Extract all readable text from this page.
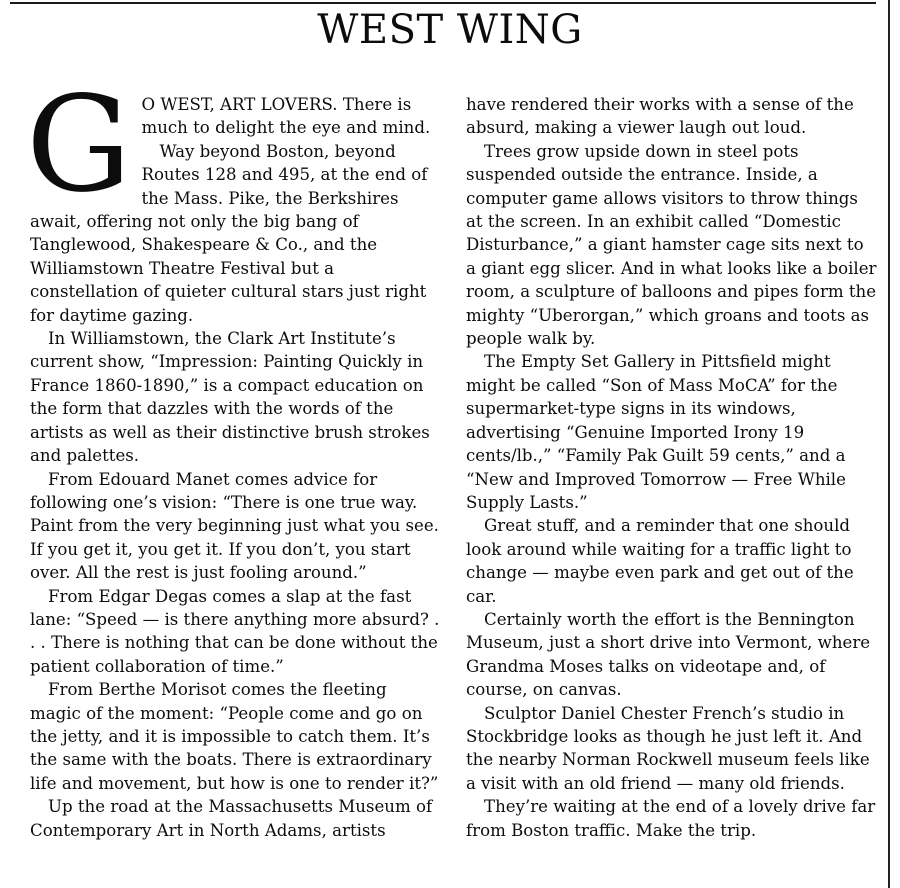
WEST WING

G O WEST, ART LOVERS. There is much to delight the eye and mind.

Way beyond Boston, beyond Routes 128 and 495, at the end of the Mass. Pike, the Berkshires await, offering not only the big bang of Tanglewood, Shakespeare & Co., and the Williamstown Theatre Festival but a constellation of quieter cultural stars just right for daytime gazing.

In Williamstown, the Clark Art Institute’s current show, “Impression: Painting Quickly in France 1860-1890,” is a compact education on the form that dazzles with the words of the artists as well as their distinctive brush strokes and palettes.

From Edouard Manet comes advice for following one’s vision: “There is one true way. Paint from the very beginning just what you see. If you get it, you get it. If you don’t, you start over. All the rest is just fooling around.”

From Edgar Degas comes a slap at the fast lane: “Speed — is there anything more absurd? . . . There is nothing that can be done without the patient collaboration of time.”

From Berthe Morisot comes the fleeting magic of the moment: “People come and go on the jetty, and it is impossible to catch them. It’s the same with the boats. There is extraordinary life and movement, but how is one to render it?”

Up the road at the Massachusetts Museum of Contemporary Art in North Adams, artists

have rendered their works with a sense of the absurd, making a viewer laugh out loud.

Trees grow upside down in steel pots suspended outside the entrance. Inside, a computer game allows visitors to throw things at the screen. In an exhibit called “Domestic Disturbance,” a giant hamster cage sits next to a giant egg slicer. And in what looks like a boiler room, a sculpture of balloons and pipes form the mighty “Uberorgan,” which groans and toots as people walk by.

The Empty Set Gallery in Pittsfield might might be called “Son of Mass MoCA” for the supermarket-type signs in its windows, advertising “Genuine Imported Irony 19 cents/lb.,” “Family Pak Guilt 59 cents,” and a “New and Improved Tomorrow — Free While Supply Lasts.”

Great stuff, and a reminder that one should look around while waiting for a traffic light to change — maybe even park and get out of the car.

Certainly worth the effort is the Bennington Museum, just a short drive into Vermont, where Grandma Moses talks on videotape and, of course, on canvas.

Sculptor Daniel Chester French’s studio in Stockbridge looks as though he just left it. And the nearby Norman Rockwell museum feels like a visit with an old friend — many old friends.

They’re waiting at the end of a lovely drive far from Boston traffic. Make the trip.
